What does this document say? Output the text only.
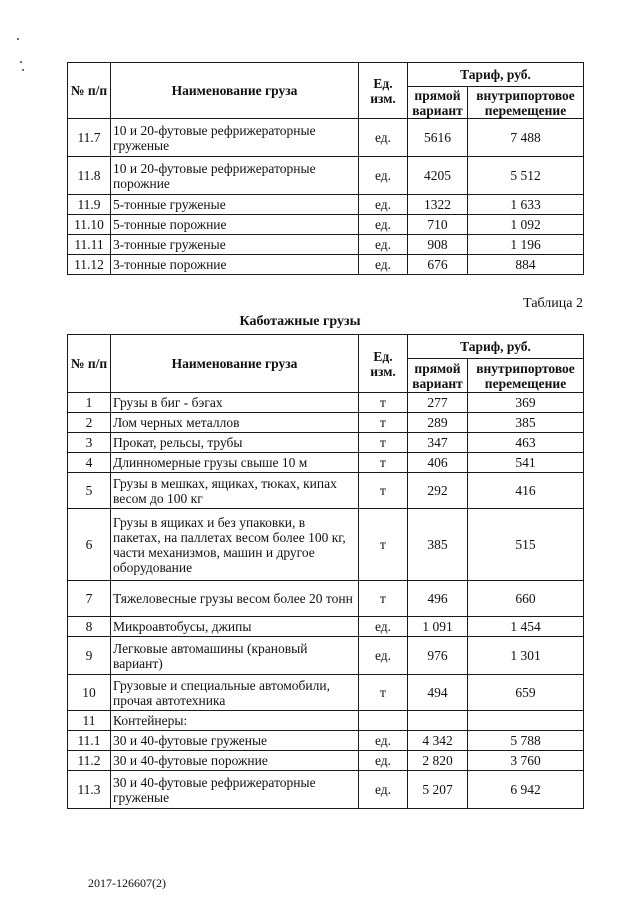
№ п/п	Наименование груза	Ед. изм.	Тариф, руб.	
			прямой вариант	внутрипортовое перемещение
11.7	10 и 20-футовые рефрижераторные груженые	ед.	5616	7 488
11.8	10 и 20-футовые рефрижераторные порожние	ед.	4205	5 512
11.9	5-тонные груженые	ед.	1322	1 633
11.10	5-тонные порожние	ед.	710	1 092
11.11	3-тонные груженые	ед.	908	1 196
11.12	3-тонные порожние	ед.	676	884
Таблица 2
Каботажные грузы
№ п/п	Наименование груза	Ед. изм.	Тариф, руб.	
			прямой вариант	внутрипортовое перемещение
1	Грузы в биг - бэгах	т	277	369
2	Лом черных металлов	т	289	385
3	Прокат, рельсы, трубы	т	347	463
4	Длинномерные грузы свыше 10 м	т	406	541
5	Грузы в мешках, ящиках, тюках, кипах весом до 100 кг	т	292	416
6	Грузы в ящиках и без упаковки, в пакетах, на паллетах весом более 100 кг, части механизмов, машин и другое оборудование	т	385	515
7	Тяжеловесные грузы весом более 20 тонн	т	496	660
8	Микроавтобусы, джипы	ед.	1 091	1 454
9	Легковые автомашины (крановый вариант)	ед.	976	1 301
10	Грузовые и специальные автомобили, прочая автотехника	т	494	659
11	Контейнеры:			
11.1	30 и 40-футовые груженые	ед.	4 342	5 788
11.2	30 и 40-футовые порожние	ед.	2 820	3 760
11.3	30 и 40-футовые рефрижераторные груженые	ед.	5 207	6 942
2017-126607(2)
